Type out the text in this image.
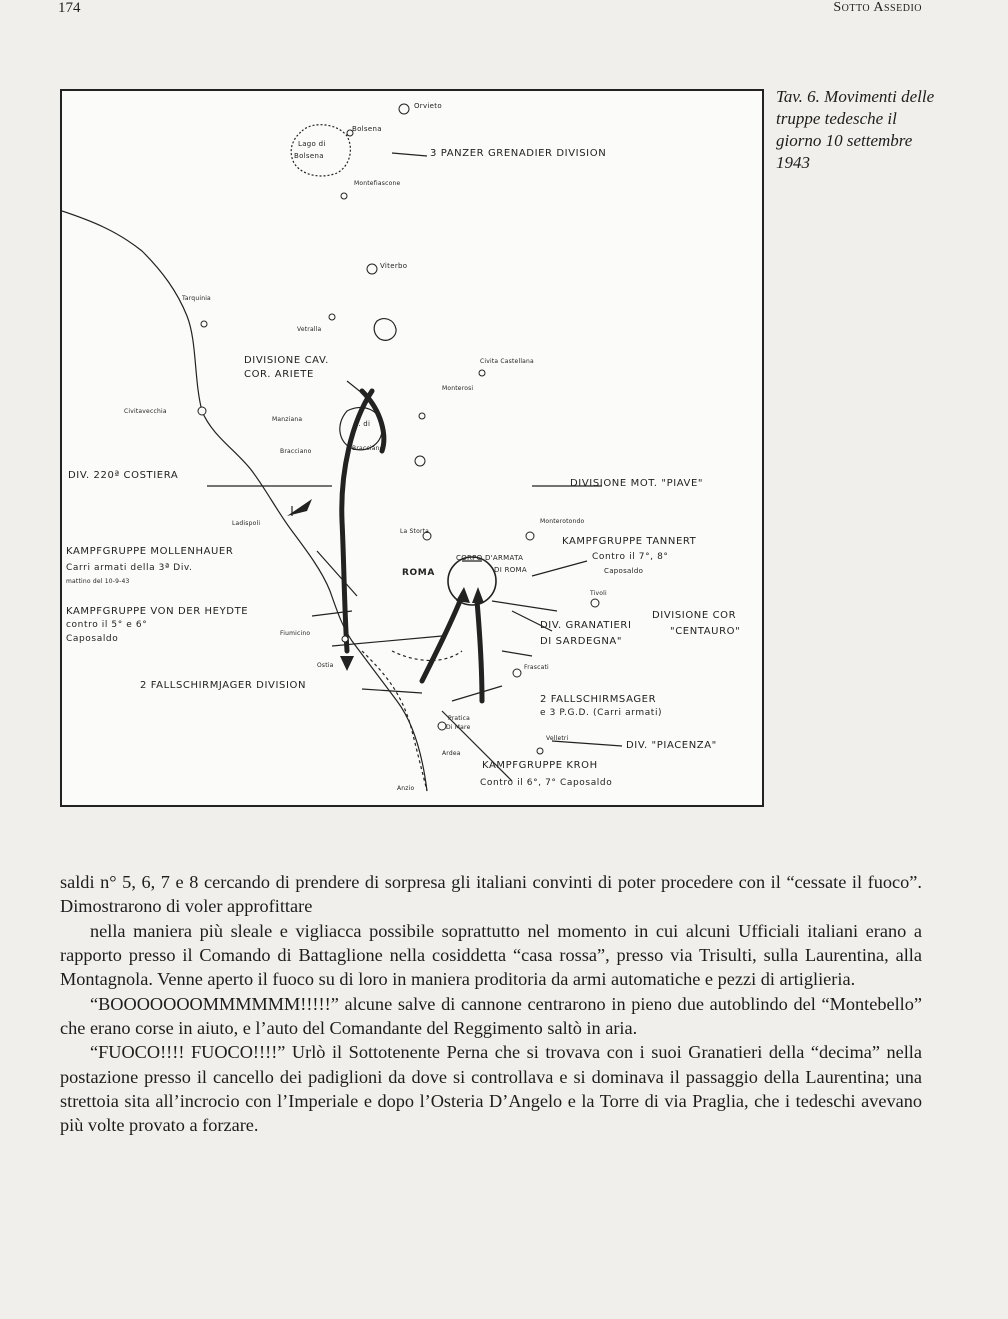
174	Sotto Assedio
Orvieto
Bolsena
Lago di
Bolsena
Montefiascone
Viterbo
Tarquinia
Vetralla
Civita Castellana
Monterosi
Civitavecchia
Manziana
L. di
Bracciano	Bracciano
Ladispoli
La Storta
Monterotondo
ROMA
Tivoli
Fiumicino
Ostia	Frascati
Pratica
Di Mare
Ardea
Velletri
Anzio
3 PANZER GRENADIER DIVISION
DIVISIONE CAV.
COR. ARIETE
DIV. 220ª COSTIERA
DIVISIONE MOT. "PIAVE"
KAMPFGRUPPE MOLLENHAUER
Carri armati della 3ª Div.
mattino del 10-9-43
KAMPFGRUPPE TANNERT
Contro il 7°, 8°
Caposaldo
CORPO D'ARMATA
DI ROMA
KAMPFGRUPPE VON DER HEYDTE
contro il 5° e 6°
Caposaldo
DIVISIONE COR
"CENTAURO"
DIV. GRANATIERI
DI SARDEGNA"
2 FALLSCHIRMJAGER DIVISION
2 FALLSCHIRMSAGER
e 3 P.G.D. (Carri armati)
DIV. "PIACENZA"
KAMPFGRUPPE KROH
Contro il 6°, 7° Caposaldo
Tav. 6. Movimenti delle truppe tedesche il giorno 10 settembre 1943

saldi n° 5, 6, 7 e 8 cercando di prendere di sorpresa gli italiani convinti di poter procedere con il “cessate il fuoco”. Dimostrarono di voler approfittare

nella maniera più sleale e vigliacca possibile soprattutto nel momento in cui alcuni Ufficiali italiani erano a rapporto presso il Comando di Battaglione nella cosiddetta “casa rossa”, presso via Trisulti, sulla Laurentina, alla Montagnola. Venne aperto il fuoco su di loro in maniera proditoria da armi automatiche e pezzi di artiglieria.

“BOOOOOOOMMMMMM!!!!!” alcune salve di cannone centrarono in pieno due autoblindo del “Montebello” che erano corse in aiuto, e l’auto del Comandante del Reggimento saltò in aria.

“FUOCO!!!! FUOCO!!!!” Urlò il Sottotenente Perna che si trovava con i suoi Granatieri della “decima” nella postazione presso il cancello dei padiglioni da dove si controllava e si dominava il passaggio della Laurentina; una strettoia sita all’incrocio con l’Imperiale e dopo l’Osteria D’Angelo e la Torre di via Praglia, che i tedeschi avevano più volte provato a forzare.
